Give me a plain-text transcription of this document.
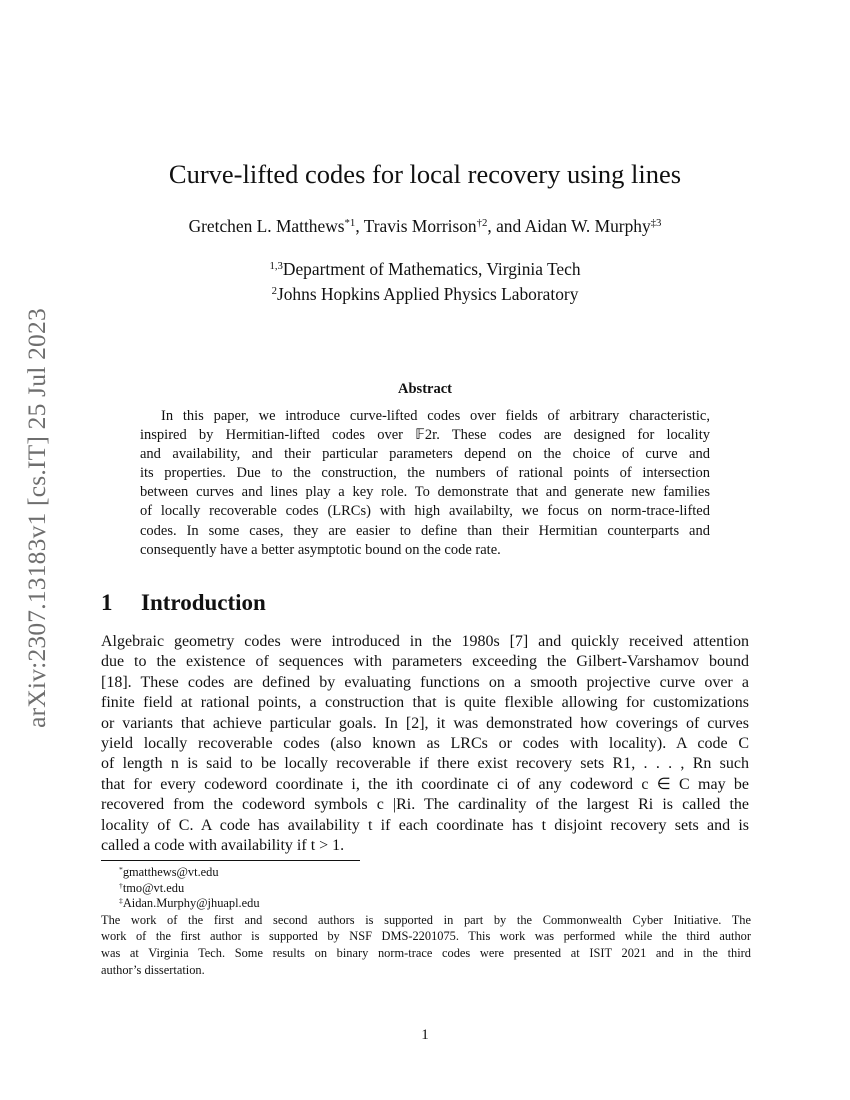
arXiv:2307.13183v1 [cs.IT] 25 Jul 2023
Curve-lifted codes for local recovery using lines
Gretchen L. Matthews$^{*1}$, Travis Morrison$^{\dagger 2}$, and Aidan W. Murphy$^{\ddagger 3}$
$^{1,3}$Department of Mathematics, Virginia Tech
$^2$Johns Hopkins Applied Physics Laboratory
Abstract
In this paper, we introduce curve-lifted codes over fields of arbitrary characteristic,
inspired by Hermitian-lifted codes over 𝔽2r. These codes are designed for locality
and availability, and their particular parameters depend on the choice of curve and
its properties. Due to the construction, the numbers of rational points of intersection
between curves and lines play a key role. To demonstrate that and generate new families
of locally recoverable codes (LRCs) with high availabilty, we focus on norm-trace-lifted
codes. In some cases, they are easier to define than their Hermitian counterparts and
consequently have a better asymptotic bound on the code rate.
1 Introduction
Algebraic geometry codes were introduced in the 1980s [7] and quickly received attention
due to the existence of sequences with parameters exceeding the Gilbert-Varshamov bound
[18]. These codes are defined by evaluating functions on a smooth projective curve over a
finite field at rational points, a construction that is quite flexible allowing for customizations
or variants that achieve particular goals. In [2], it was demonstrated how coverings of curves
yield locally recoverable codes (also known as LRCs or codes with locality). A code C
of length n is said to be locally recoverable if there exist recovery sets R1, . . . , Rn such
that for every codeword coordinate i, the ith coordinate ci of any codeword c ∈ C may be
recovered from the codeword symbols c |Ri. The cardinality of the largest Ri is called the
locality of C. A code has availability t if each coordinate has t disjoint recovery sets and is
called a code with availability if t > 1.
*gmatthews@vt.edu
†tmo@vt.edu
‡Aidan.Murphy@jhuapl.edu
The work of the first and second authors is supported in part by the Commonwealth Cyber Initiative. The
work of the first author is supported by NSF DMS-2201075. This work was performed while the third author
was at Virginia Tech. Some results on binary norm-trace codes were presented at ISIT 2021 and in the third
author’s dissertation.
1
